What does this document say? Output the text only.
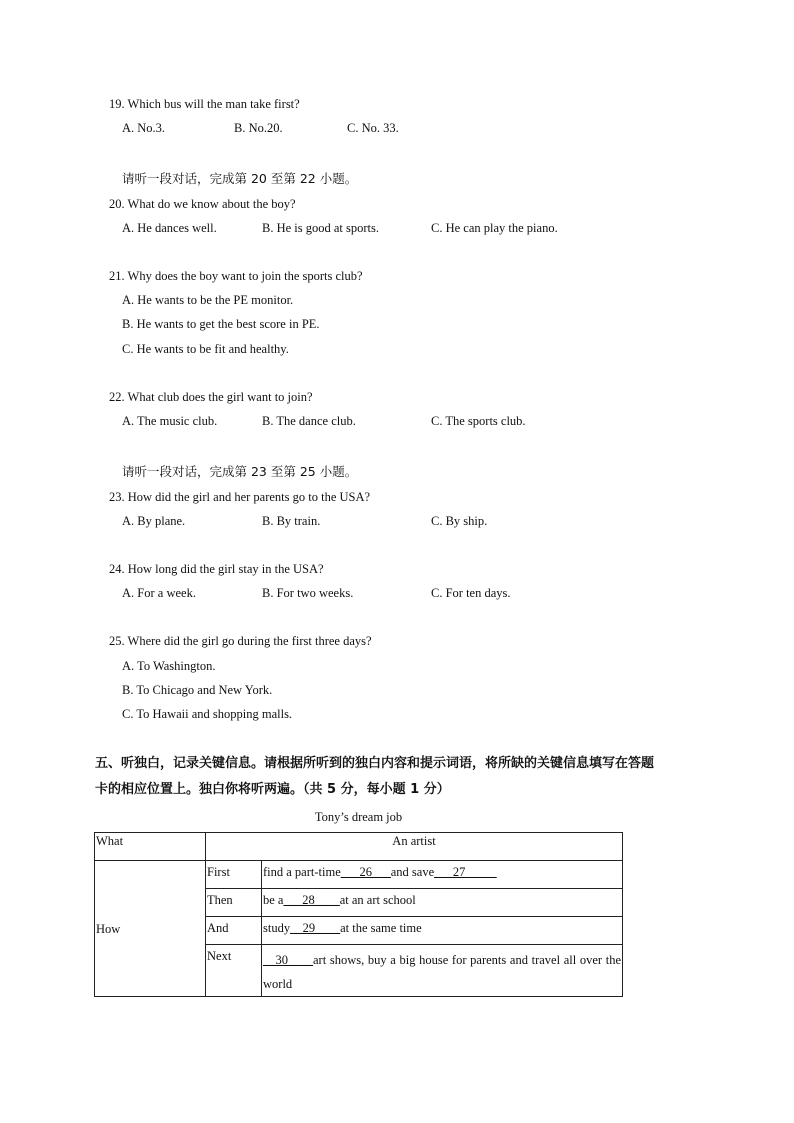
19. Which bus will the man take first?
A. No.3.	B. No.20.	C. No. 33.
请听一段对话，完成第 20 至第 22 小题。
20. What do we know about the boy?
A. He dances well.	B. He is good at sports.	C. He can play the piano.
21. Why does the boy want to join the sports club?
A. He wants to be the PE monitor.
B. He wants to get the best score in PE.
C. He wants to be fit and healthy.
22. What club does the girl want to join?
A. The music club.	B. The dance club.	C. The sports club.
请听一段对话，完成第 23 至第 25 小题。
23. How did the girl and her parents go to the USA?
A. By plane.	B. By train.	C. By ship.
24. How long did the girl stay in the USA?
A. For a week.	B. For two weeks.	C. For ten days.
25. Where did the girl go during the first three days?
A. To Washington.
B. To Chicago and New York.
C. To Hawaii and shopping malls.
五、听独白，记录关键信息。请根据所听到的独白内容和提示词语，将所缺的关键信息填写在答题
卡的相应位置上。独白你将听两遍。（共 5 分，每小题 1 分）
Tony’s dream job
What	An artist	
How	First	find a part-time___26___and save___27_____
	Then	be a___28____at an art school
	And	study__29____at the same time
	Next	__30____art shows, buy a big house for parents and travel all over the world
